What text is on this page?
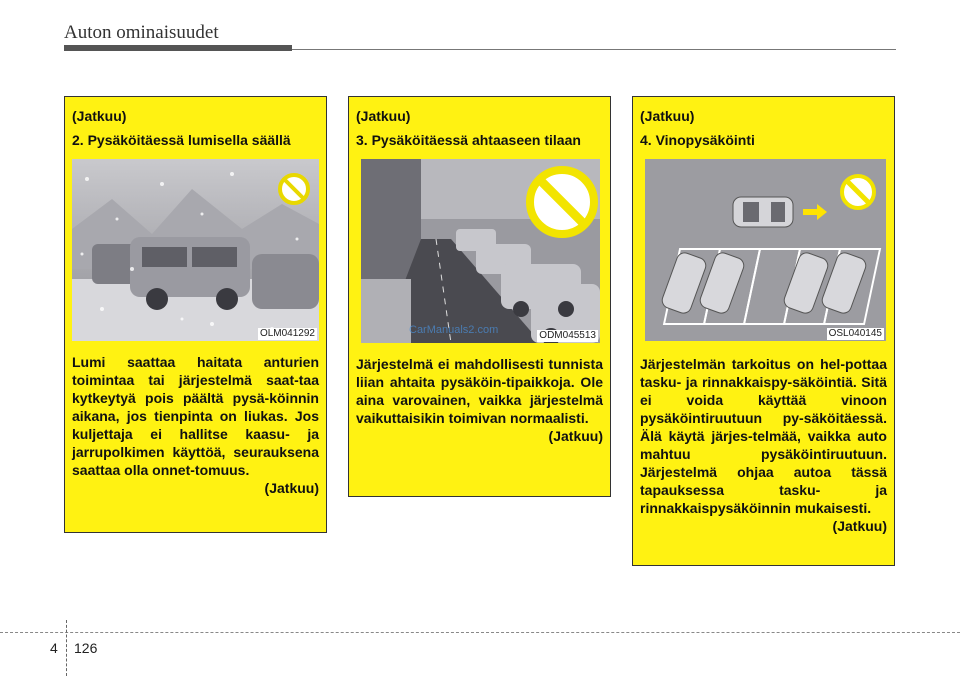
Auton ominaisuudet

(Jatkuu)

2. Pysäköitäessä lumisella säällä

OLM041292

Lumi saattaa haitata anturien toimintaa tai järjestelmä saat-taa kytkeytyä pois päältä pysä-köinnin aikana, jos tienpinta on liukas. Jos kuljettaja ei hallitse kaasu- ja jarrupolkimen käyttöä, seurauksena saattaa olla onnet-tomuus.

(Jatkuu)

(Jatkuu)

3. Pysäköitäessä ahtaaseen tilaan

CarManuals2.com	ODM045513

Järjestelmä ei mahdollisesti tunnista liian ahtaita pysäköin-tipaikkoja. Ole aina varovainen, vaikka järjestelmä vaikuttaisikin toimivan normaalisti.

(Jatkuu)

(Jatkuu)

4. Vinopysäköinti

OSL040145

Järjestelmän tarkoitus on hel-pottaa tasku- ja rinnakkaispy-säköintiä. Sitä ei voida käyttää vinoon pysäköintiruutuun py-säköitäessä. Älä käytä järjes-telmää, vaikka auto mahtuu pysäköintiruutuun. Järjestelmä ohjaa autoa tässä tapauksessa tasku- ja rinnakkaispysäköinnin mukaisesti.

(Jatkuu)

4 126
